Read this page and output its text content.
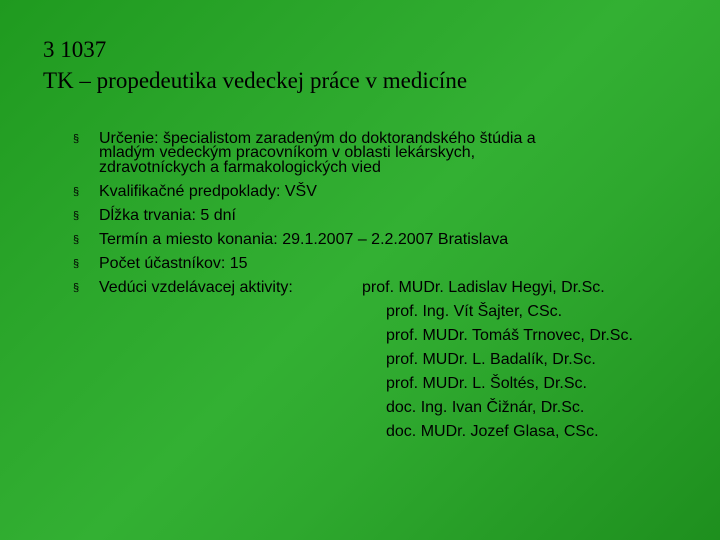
3 1037
TK – propedeutika vedeckej práce v medicíne
§ Určenie: špecialistom zaradeným do doktorandského štúdia a
mladým vedeckým pracovníkom v oblasti lekárskych,
zdravotníckych a farmakologických vied
§ Kvalifikačné predpoklady: VŠV
§ Dĺžka trvania: 5 dní
§ Termín a miesto konania: 29.1.2007 – 2.2.2007 Bratislava
§ Počet účastníkov: 15
§ Vedúci vzdelávacej aktivity:	prof. MUDr. Ladislav Hegyi, Dr.Sc.
prof. Ing. Vít Šajter, CSc.
prof. MUDr. Tomáš Trnovec, Dr.Sc.
prof. MUDr. L. Badalík, Dr.Sc.
prof. MUDr. L. Šoltés, Dr.Sc.
doc. Ing. Ivan Čižnár, Dr.Sc.
doc. MUDr. Jozef Glasa, CSc.
